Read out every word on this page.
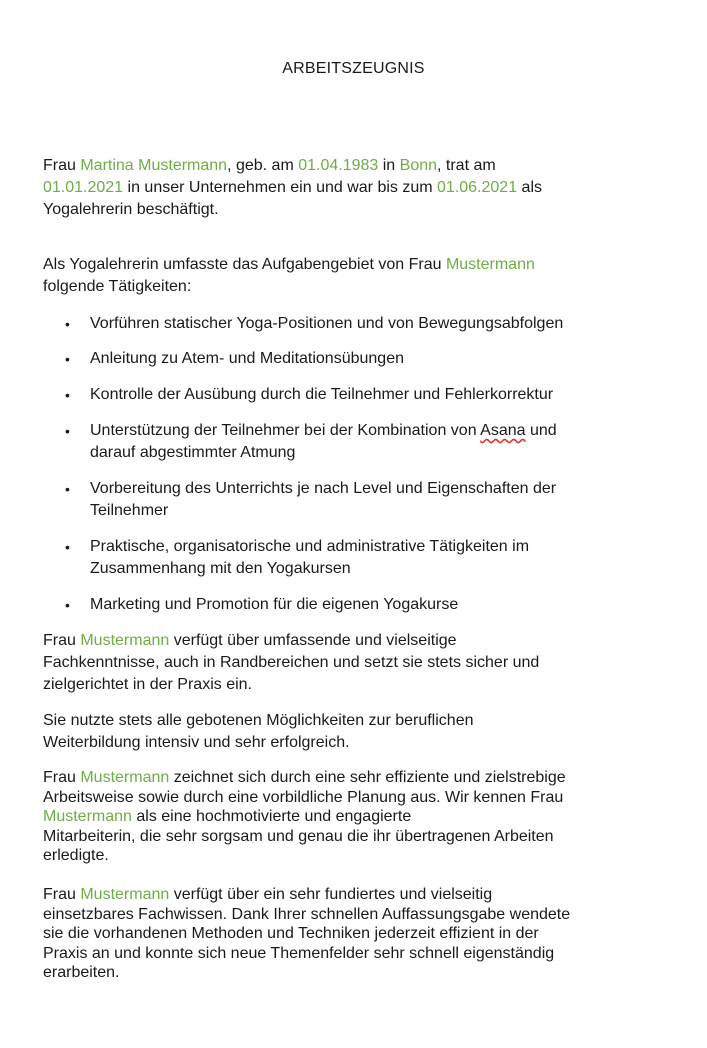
ARBEITSZEUGNIS
Frau Martina Mustermann, geb. am 01.04.1983 in Bonn, trat am
01.01.2021 in unser Unternehmen ein und war bis zum 01.06.2021 als
Yogalehrerin beschäftigt.
Als Yogalehrerin umfasste das Aufgabengebiet von Frau Mustermann
folgende Tätigkeiten:
• Vorführen statischer Yoga-Positionen und von Bewegungsabfolgen
• Anleitung zu Atem- und Meditationsübungen
• Kontrolle der Ausübung durch die Teilnehmer und Fehlerkorrektur
• Unterstützung der Teilnehmer bei der Kombination von Asana und
darauf abgestimmter Atmung
• Vorbereitung des Unterrichts je nach Level und Eigenschaften der
Teilnehmer
• Praktische, organisatorische und administrative Tätigkeiten im
Zusammenhang mit den Yogakursen
• Marketing und Promotion für die eigenen Yogakurse
Frau Mustermann verfügt über umfassende und vielseitige
Fachkenntnisse, auch in Randbereichen und setzt sie stets sicher und
zielgerichtet in der Praxis ein.
Sie nutzte stets alle gebotenen Möglichkeiten zur beruflichen
Weiterbildung intensiv und sehr erfolgreich.
Frau Mustermann zeichnet sich durch eine sehr effiziente und zielstrebige
Arbeitsweise sowie durch eine vorbildliche Planung aus. Wir kennen Frau
Mustermann als eine hochmotivierte und engagierte
Mitarbeiterin, die sehr sorgsam und genau die ihr übertragenen Arbeiten
erledigte.
Frau Mustermann verfügt über ein sehr fundiertes und vielseitig
einsetzbares Fachwissen. Dank Ihrer schnellen Auffassungsgabe wendete
sie die vorhandenen Methoden und Techniken jederzeit effizient in der
Praxis an und konnte sich neue Themenfelder sehr schnell eigenständig
erarbeiten.
